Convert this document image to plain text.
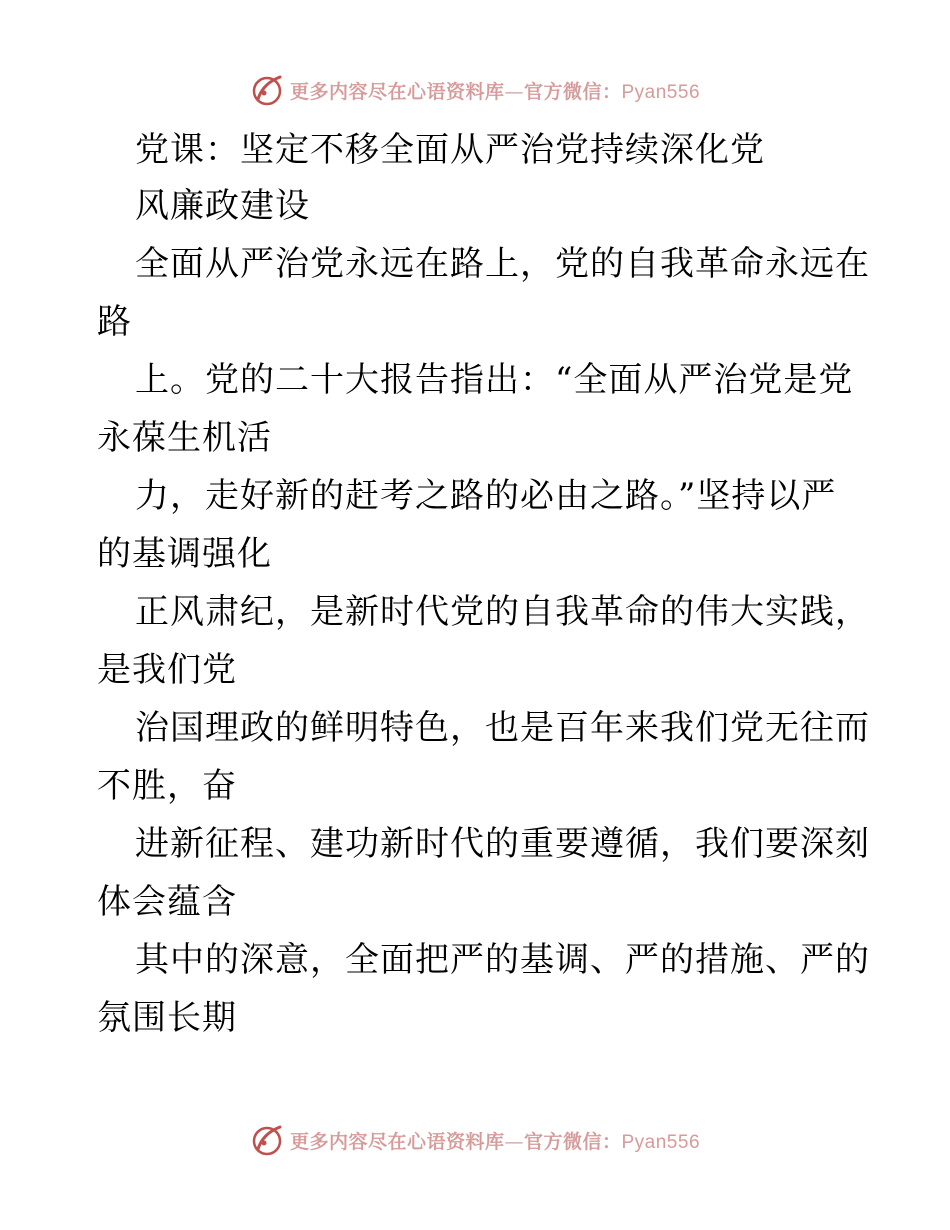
更多内容尽在心语资料库—官方微信：Pyan556
党课：坚定不移全面从严治党持续深化党
风廉政建设
全面从严治党永远在路上，党的自我革命永远在
路
上。党的二十大报告指出：“全面从严治党是党
永葆生机活
力，走好新的赶考之路的必由之路。”坚持以严
的基调强化
正风肃纪，是新时代党的自我革命的伟大实践，
是我们党
治国理政的鲜明特色，也是百年来我们党无往而
不胜，奋
进新征程、建功新时代的重要遵循，我们要深刻
体会蕴含
其中的深意，全面把严的基调、严的措施、严的
氛围长期
更多内容尽在心语资料库—官方微信：Pyan556
